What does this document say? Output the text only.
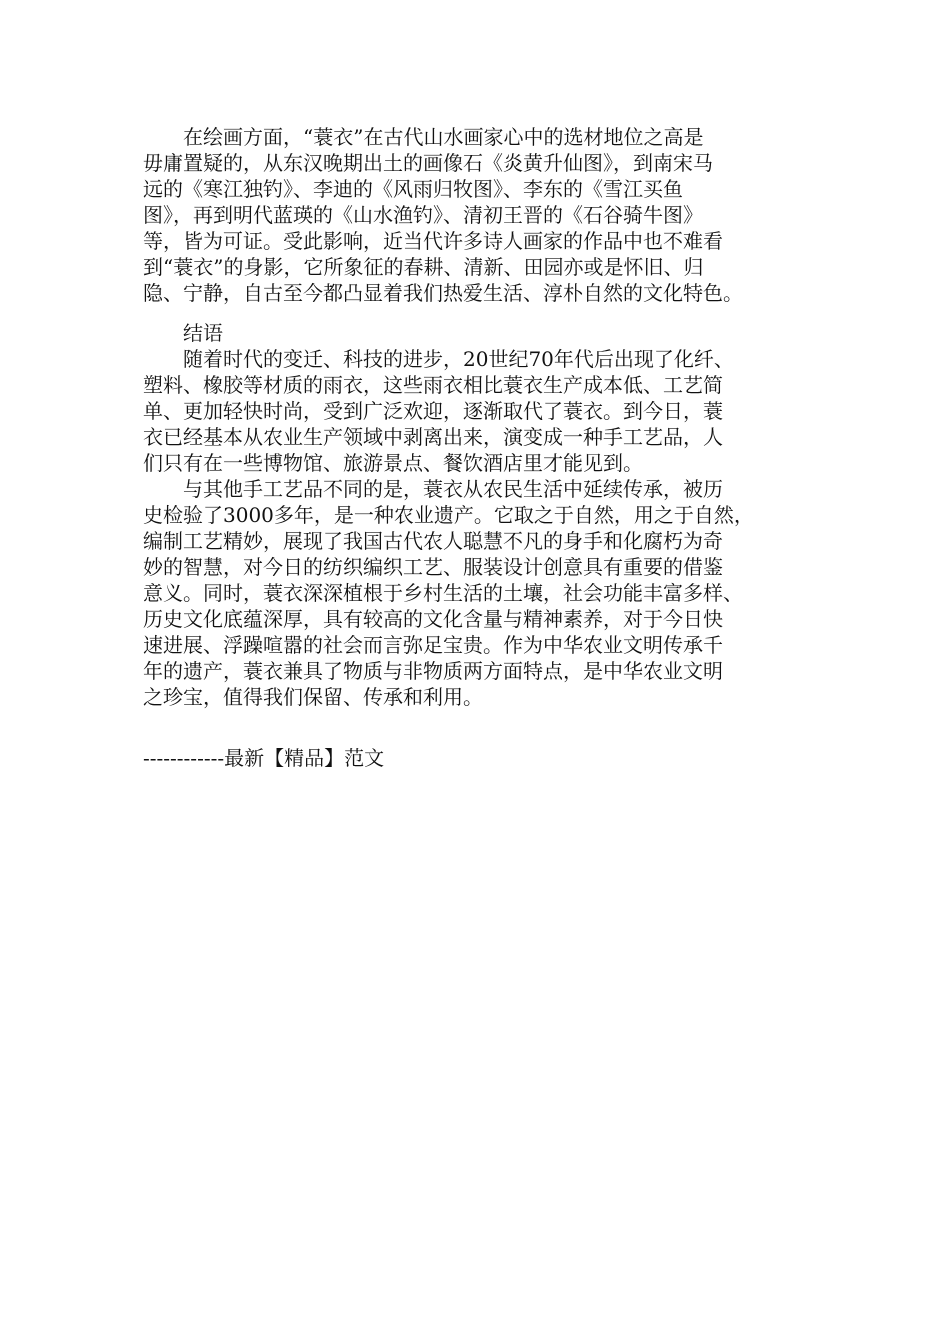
　　在绘画方面，“蓑衣”在古代山水画家心中的选材地位之高是
毋庸置疑的，从东汉晚期出土的画像石《炎黄升仙图》，到南宋马
远的《寒江独钓》、李迪的《风雨归牧图》、李东的《雪江买鱼
图》，再到明代蓝瑛的《山水渔钓》、清初王晋的《石谷骑牛图》
等，皆为可证。受此影响，近当代许多诗人画家的作品中也不难看
到“蓑衣”的身影，它所象征的春耕、清新、田园亦或是怀旧、归
隐、宁静，自古至今都凸显着我们热爱生活、淳朴自然的文化特色。
　　结语
　　随着时代的变迁、科技的进步，20世纪70年代后出现了化纤、
塑料、橡胶等材质的雨衣，这些雨衣相比蓑衣生产成本低、工艺简
单、更加轻快时尚，受到广泛欢迎，逐渐取代了蓑衣。到今日，蓑
衣已经基本从农业生产领域中剥离出来，演变成一种手工艺品，人
们只有在一些博物馆、旅游景点、餐饮酒店里才能见到。
　　与其他手工艺品不同的是，蓑衣从农民生活中延续传承，被历
史检验了3000多年，是一种农业遗产。它取之于自然，用之于自然，
编制工艺精妙，展现了我国古代农人聪慧不凡的身手和化腐朽为奇
妙的智慧，对今日的纺织编织工艺、服装设计创意具有重要的借鉴
意义。同时，蓑衣深深植根于乡村生活的土壤，社会功能丰富多样、
历史文化底蕴深厚，具有较高的文化含量与精神素养，对于今日快
速进展、浮躁喧嚣的社会而言弥足宝贵。作为中华农业文明传承千
年的遗产，蓑衣兼具了物质与非物质两方面特点，是中华农业文明
之珍宝，值得我们保留、传承和利用。
------------最新【精品】范文
